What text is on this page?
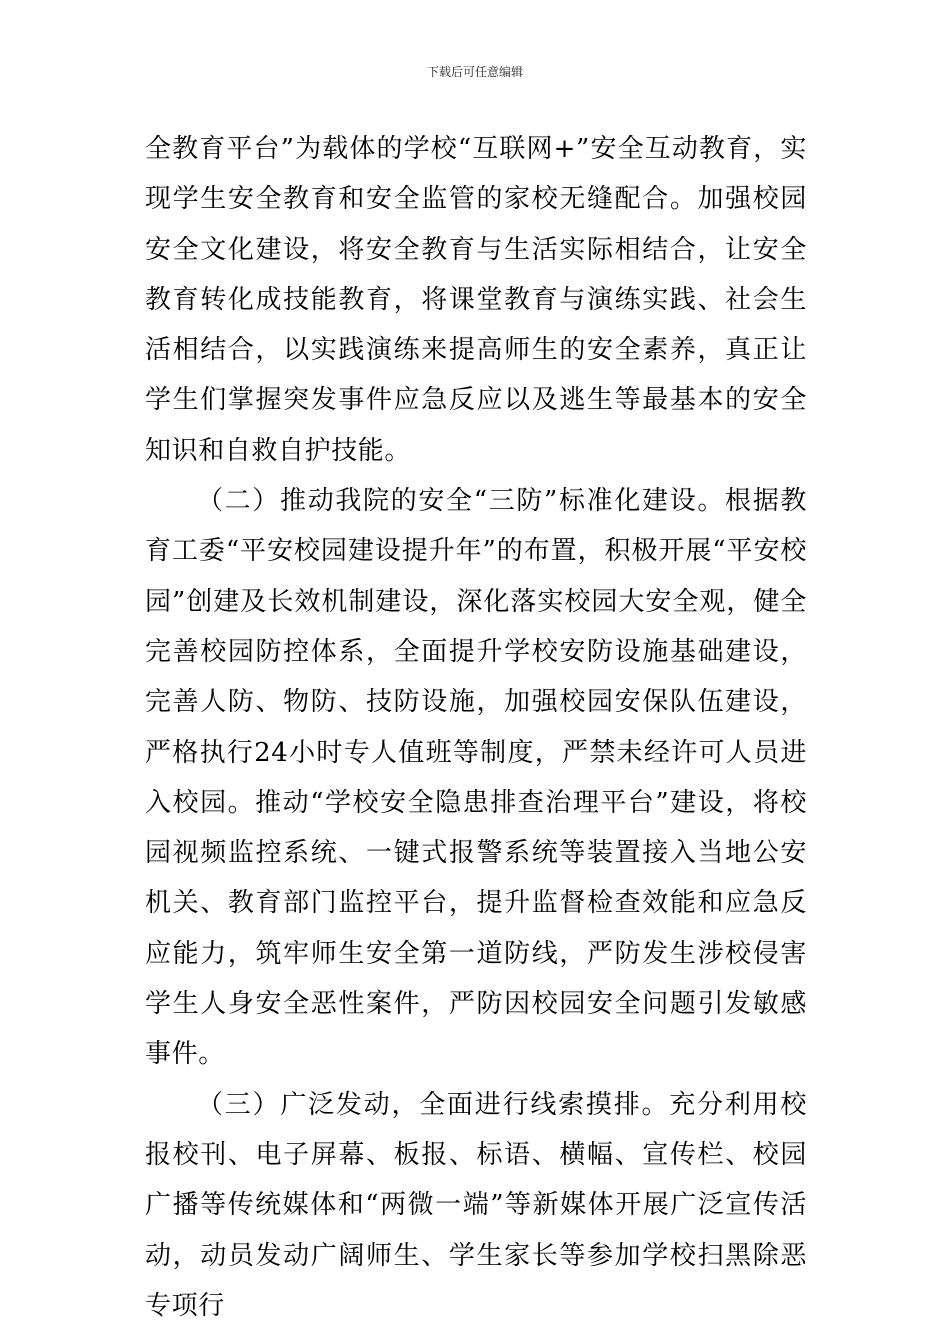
下载后可任意编辑

全教育平台”为载体的学校“互联网+”安全互动教育，实现学生安全教育和安全监管的家校无缝配合。加强校园安全文化建设，将安全教育与生活实际相结合，让安全教育转化成技能教育，将课堂教育与演练实践、社会生活相结合，以实践演练来提高师生的安全素养，真正让学生们掌握突发事件应急反应以及逃生等最基本的安全知识和自救自护技能。

（二）推动我院的安全“三防”标准化建设。根据教育工委“平安校园建设提升年”的布置，积极开展“平安校园”创建及长效机制建设，深化落实校园大安全观，健全完善校园防控体系，全面提升学校安防设施基础建设，完善人防、物防、技防设施，加强校园安保队伍建设，严格执行24小时专人值班等制度，严禁未经许可人员进入校园。推动“学校安全隐患排查治理平台”建设，将校园视频监控系统、一键式报警系统等装置接入当地公安机关、教育部门监控平台，提升监督检查效能和应急反应能力，筑牢师生安全第一道防线，严防发生涉校侵害学生人身安全恶性案件，严防因校园安全问题引发敏感事件。

（三）广泛发动，全面进行线索摸排。充分利用校报校刊、电子屏幕、板报、标语、横幅、宣传栏、校园广播等传统媒体和“两微一端”等新媒体开展广泛宣传活动，动员发动广阔师生、学生家长等参加学校扫黑除恶专项行
